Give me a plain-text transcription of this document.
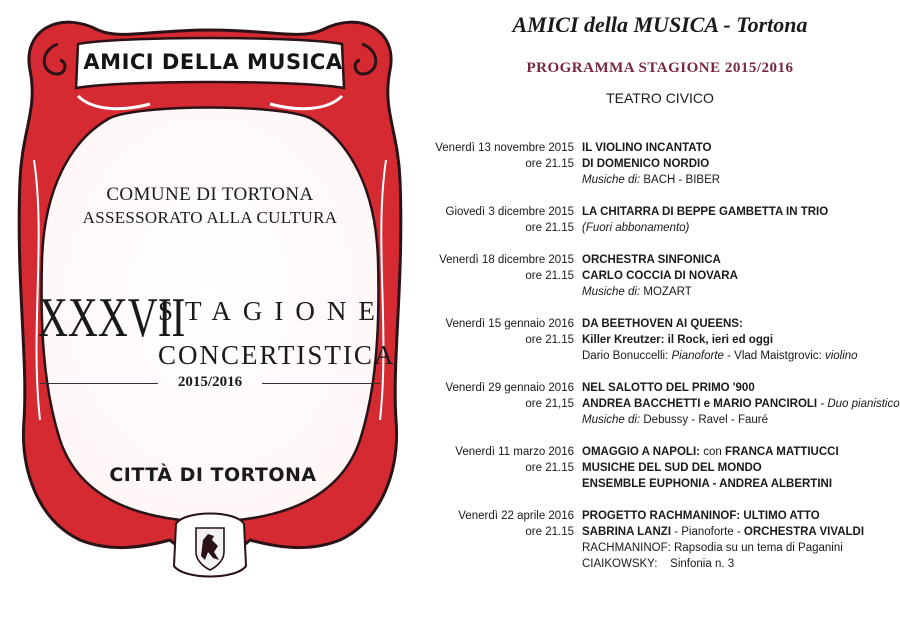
AMICI DELLA MUSICA
COMUNE DI TORTONA
ASSESSORATO ALLA CULTURA
XXXVII
STAGIONE
CONCERTISTICA
2015/2016
CITTÀ DI TORTONA
AMICI della MUSICA - Tortona
PROGRAMMA STAGIONE 2015/2016
TEATRO CIVICO
Venerdì 13 novembre 2015 IL VIOLINO INCANTATO
ore 21.15 DI DOMENICO NORDIO
Musiche di: BACH - BIBER
Giovedì 3 dicembre 2015 LA CHITARRA DI BEPPE GAMBETTA IN TRIO
ore 21.15 (Fuori abbonamento)
Venerdì 18 dicembre 2015 ORCHESTRA SINFONICA
ore 21.15 CARLO COCCIA DI NOVARA
Musiche di: MOZART
Venerdì 15 gennaio 2016 DA BEETHOVEN AI QUEENS:
ore 21.15 Killer Kreutzer: il Rock, ieri ed oggi
Dario Bonuccelli: Pianoforte - Vlad Maistgrovic: violino
Venerdì 29 gennaio 2016 NEL SALOTTO DEL PRIMO '900
ore 21,15 ANDREA BACCHETTI e MARIO PANCIROLI - Duo pianistico
Musiche di: Debussy - Ravel - Fauré
Venerdì 11 marzo 2016 OMAGGIO A NAPOLI: con FRANCA MATTIUCCI
ore 21.15 MUSICHE DEL SUD DEL MONDO
ENSEMBLE EUPHONIA - ANDREA ALBERTINI
Venerdì 22 aprile 2016 PROGETTO RACHMANINOF: ULTIMO ATTO
ore 21.15 SABRINA LANZI - Pianoforte - ORCHESTRA VIVALDI
RACHMANINOF: Rapsodia su un tema di Paganini
CIAIKOWSKY:    Sinfonia n. 3
